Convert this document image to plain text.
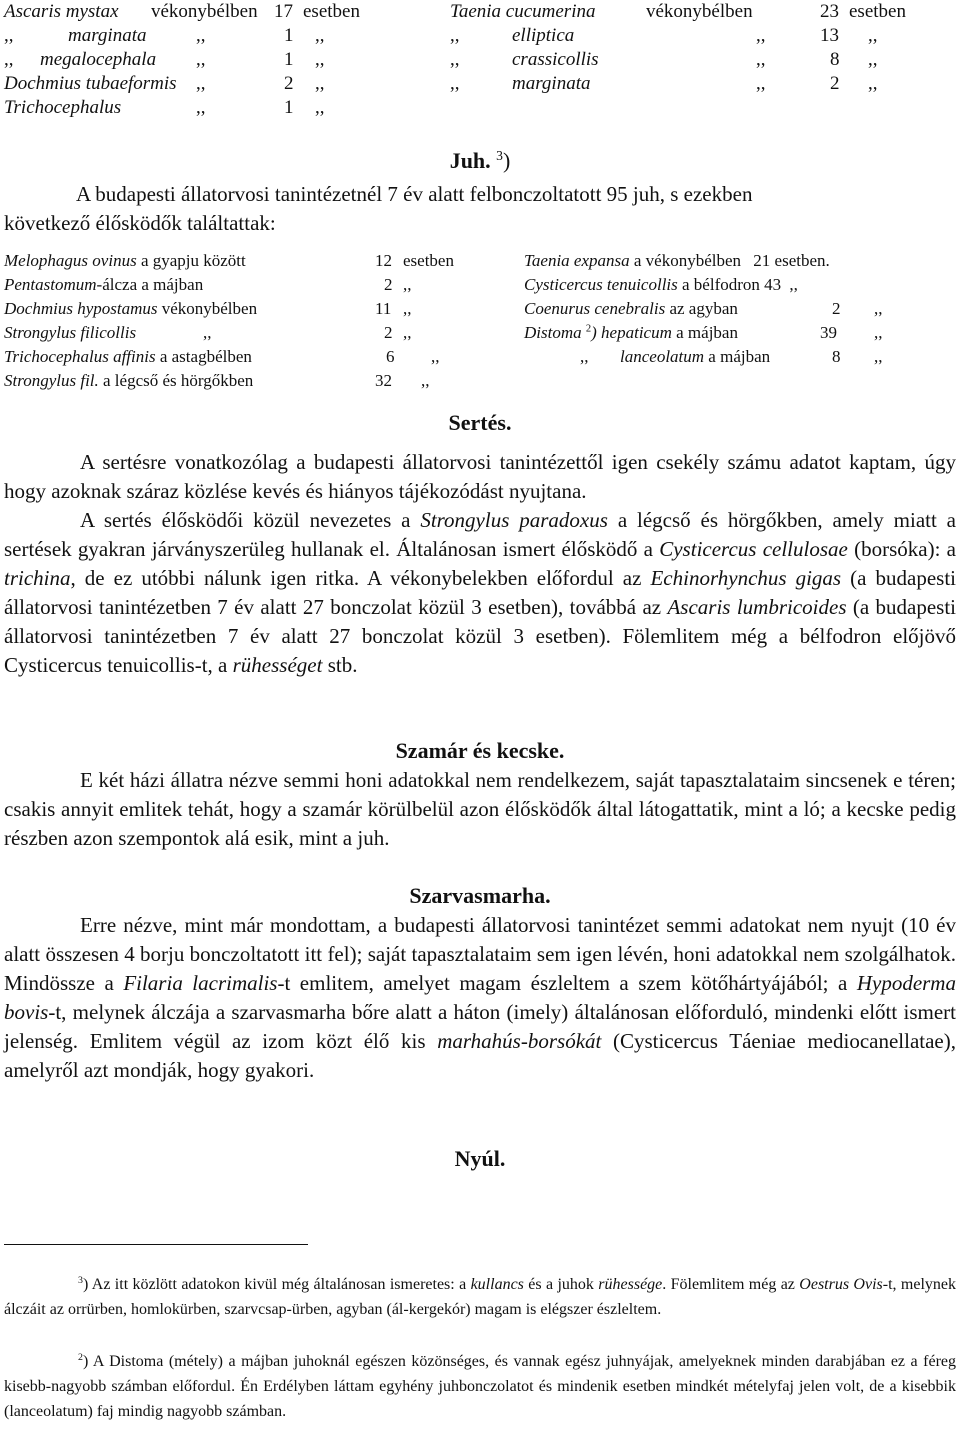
Ascaris mystax vékonybélben 17 esetben
,,	marginata	,,	1 ,,
,, megalocephala ,,	1 ,,
Dochmius tubaeformis ,,	2 ,,
Trichocephalus	,,	1 ,,
Taenia cucumerina	vékonybélben	23 esetben
,,	elliptica	,,	13 ,,
,,	crassicollis	,,	8 ,,
,,	marginata	,,	2 ,,
Juh. $^3$)
A budapesti állatorvosi tanintézetnél 7 év alatt felbonczoltatott 95 juh, s ezekben
következő élősködők találtattak:
Melophagus ovinus a gyapju között	12 esetben
Pentastomum-álcza a májban	2 ,,
Dochmius hypostamus vékonybélben	11 ,,
Strongylus filicollis	,,	2 ,,
Trichocephalus affinis a astagbélben	6 ,,
Strongylus fil. a légcső és hörgőkben	32 ,,
Taenia expansa a vékonybélben 21 esetben.
Cysticercus tenuicollis a bélfodron 43 ,,
Coenurus cenebralis az agyban	2 ,,
Distoma $^2$) hepaticum a májban	39 ,,
,, lanceolatum a májban	8 ,,
Sertés.
A sertésre vonatkozólag a budapesti állatorvosi tanintézettől igen csekély számu adatot kaptam, úgy hogy azoknak száraz közlése kevés és hiányos tájékozódást nyujtana.
A sertés élősködői közül nevezetes a Strongylus paradoxus a légcső és hörgőkben, amely miatt a sertések gyakran járványszerüleg hullanak el. Általánosan ismert élősködő a Cysticercus cellulosae (borsóka): a trichina, de ez utóbbi nálunk igen ritka. A vékonybelekben előfordul az Echinorhynchus gigas (a budapesti állatorvosi tanintézetben 7 év alatt 27 bonczolat közül 3 esetben), továbbá az Ascaris lumbricoides (a budapesti állatorvosi tanintézetben 7 év alatt 27 bonczolat közül 3 esetben). Fölemlitem még a bélfodron előjövő Cysticercus tenuicollis-t, a rühességet stb.
Szamár és kecske.
E két házi állatra nézve semmi honi adatokkal nem rendelkezem, saját tapasztalataim sincsenek e téren; csakis annyit emlitek tehát, hogy a szamár körülbelül azon élősködők által látogattatik, mint a ló; a kecske pedig részben azon szempontok alá esik, mint a juh.
Szarvasmarha.
Erre nézve, mint már mondottam, a budapesti állatorvosi tanintézet semmi adatokat nem nyujt (10 év alatt összesen 4 borju bonczoltatott itt fel); saját tapasztalataim sem igen lévén, honi adatokkal nem szolgálhatok. Mindössze a Filaria lacrimalis-t emlitem, amelyet magam észleltem a szem kötőhártyájából; a Hypoderma bovis-t, melynek álczája a szarvasmarha bőre alatt a háton (imely) általánosan előforduló, mindenki előtt ismert jelenség. Emlitem végül az izom közt élő kis marhahús-borsókát (Cysticercus Táeniae mediocanellatae), amelyről azt mondják, hogy gyakori.
Nyúl.
$^3$) Az itt közlött adatokon kivül még általánosan ismeretes: a kullancs és a juhok rühessége. Fölemlitem még az Oestrus Ovis-t, melynek álczáit az orrürben, homlokürben, szarvcsap-ürben, agyban (ál-kergekór) magam is elégszer észleltem.
$^2$) A Distoma (métely) a májban juhoknál egészen közönséges, és vannak egész juhnyájak, amelyeknek minden darabjában ez a féreg kisebb-nagyobb számban előfordul. Én Erdélyben láttam egyhény juhbonczolatot és mindenik esetben mindkét mételyfaj jelen volt, de a kisebbik (lanceolatum) faj mindig nagyobb számban.
